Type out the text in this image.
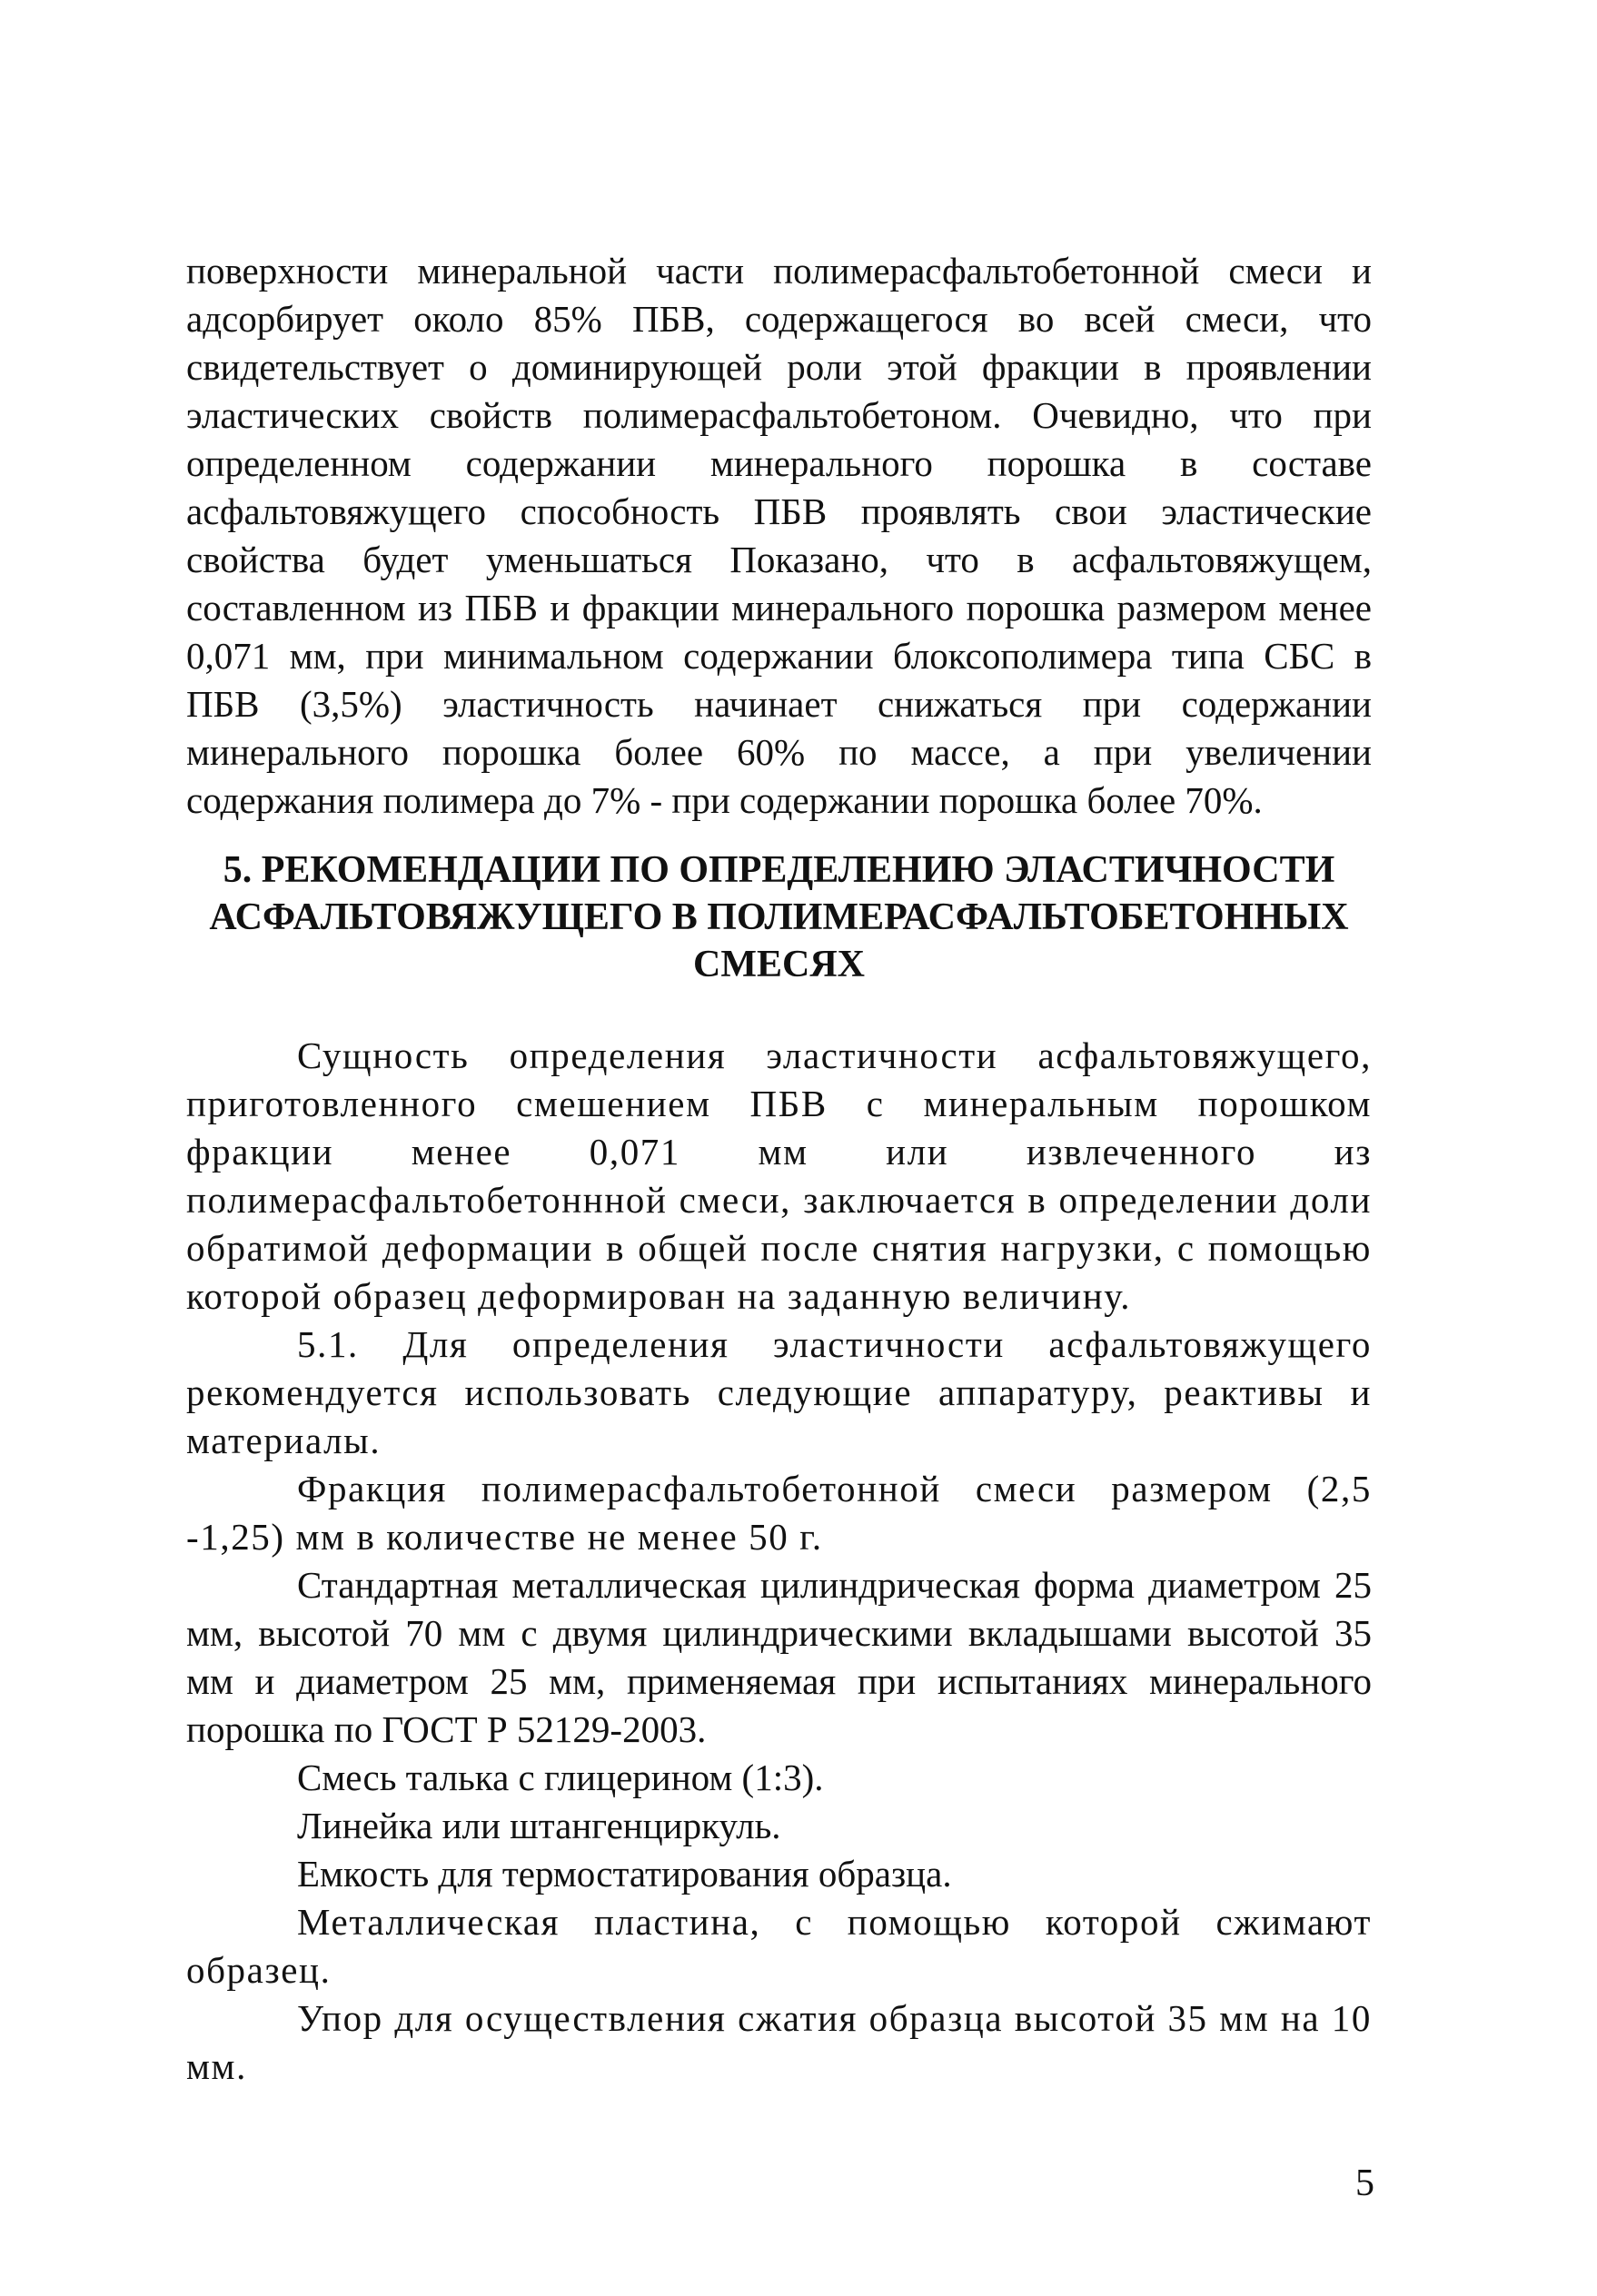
поверхности минеральной части полимерасфальтобетонной смеси и адсорбирует около 85% ПБВ, содержащегося во всей смеси, что свидетельствует о доминирующей роли этой фракции в проявлении эластических свойств полимерасфальтобетоном. Очевидно, что при определенном содержании минерального порошка в составе асфальтовяжущего способность ПБВ проявлять свои эластические свойства будет уменьшаться Показано, что в асфальтовяжущем, составленном из ПБВ и фракции минерального порошка размером менее 0,071 мм, при минимальном содержании блоксополимера типа СБС в ПБВ (3,5%) эластичность начинает снижаться при содержании минерального порошка более 60% по массе, а при увеличении содержания полимера до 7% - при содержании порошка более 70%.

5. РЕКОМЕНДАЦИИ ПО ОПРЕДЕЛЕНИЮ ЭЛАСТИЧНОСТИ
АСФАЛЬТОВЯЖУЩЕГО В ПОЛИМЕРАСФАЛЬТОБЕТОННЫХ
СМЕСЯХ

Сущность определения эластичности асфальтовяжущего, приготовленного смешением ПБВ с минеральным порошком фракции менее 0,071 мм или извлеченного из полимерасфальтобетоннной смеси, заключается в определении доли обратимой деформации в общей после снятия нагрузки, с помощью которой образец деформирован на заданную величину.

5.1. Для определения эластичности асфальтовяжущего рекомендуется использовать следующие аппаратуру, реактивы и материалы.

Фракция полимерасфальтобетонной смеси размером (2,5 -1,25) мм в количестве не менее 50 г.

Стандартная металлическая цилиндрическая форма диаметром 25 мм, высотой 70 мм с двумя цилиндрическими вкладышами высотой 35 мм и диаметром 25 мм, применяемая при испытаниях минерального порошка по ГОСТ Р 52129-2003.

Смесь талька с глицерином (1:3).

Линейка или штангенциркуль.

Емкость для термостатирования образца.

Металлическая пластина, с помощью которой сжимают образец.

Упор для осуществления сжатия образца высотой 35 мм на 10 мм.

5
